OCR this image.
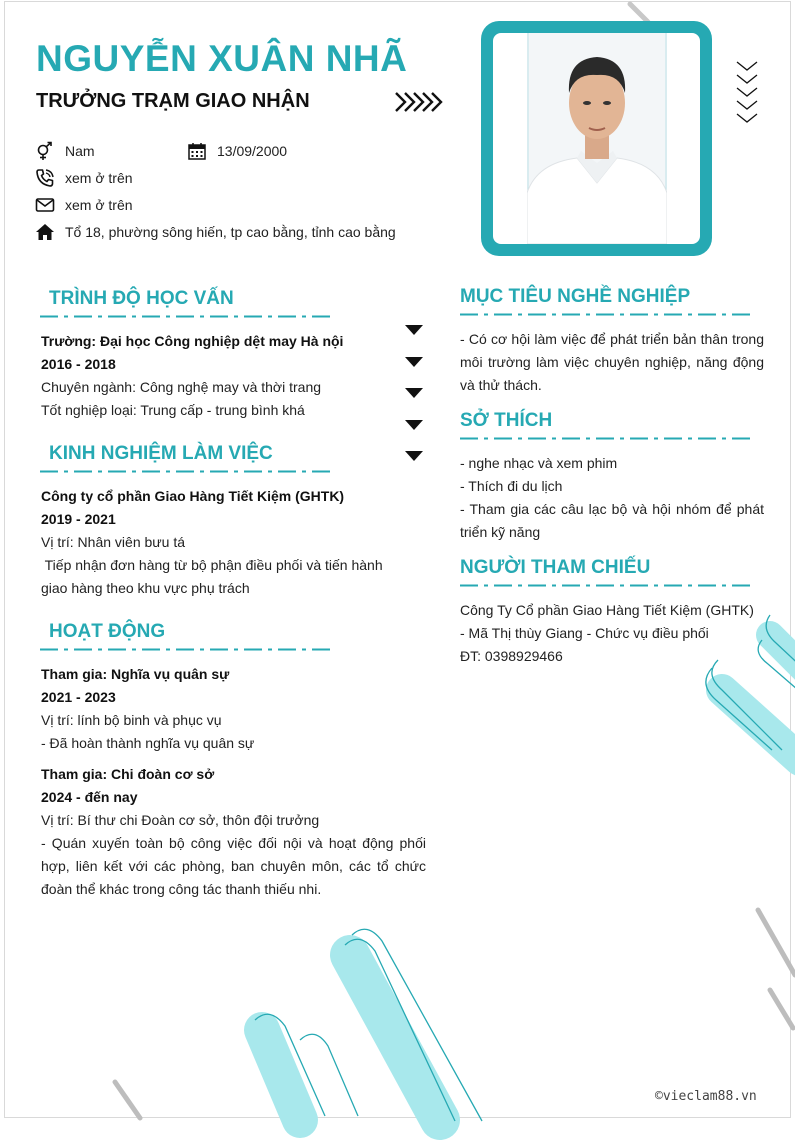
NGUYỄN XUÂN NHÃ
TRƯỞNG TRẠM GIAO NHẬN
Nam	13/09/2000
xem ở trên
xem ở trên
Tổ 18, phường sông hiến, tp cao bằng, tỉnh cao bằng
TRÌNH ĐỘ HỌC VẤN
Trường: Đại học Công nghiệp dệt may Hà nội
2016 - 2018
Chuyên ngành: Công nghệ may và thời trang
Tốt nghiệp loại: Trung cấp - trung bình khá
KINH NGHIỆM LÀM VIỆC
Công ty cổ phần Giao Hàng Tiết Kiệm (GHTK)
2019 - 2021
Vị trí: Nhân viên bưu tá
Tiếp nhận đơn hàng từ bộ phận điều phối và tiến hành
giao hàng theo khu vực phụ trách
HOẠT ĐỘNG
Tham gia: Nghĩa vụ quân sự
2021 - 2023
Vị trí: lính bộ binh và phục vụ
- Đã hoàn thành nghĩa vụ quân sự
Tham gia: Chi đoàn cơ sở
2024 - đến nay
Vị trí: Bí thư chi Đoàn cơ sở, thôn đội trưởng
- Quán xuyến toàn bộ công việc đối nội và hoạt động phối hợp, liên kết với các phòng, ban chuyên môn, các tổ chức đoàn thể khác trong công tác thanh thiếu nhi.
MỤC TIÊU NGHỀ NGHIỆP
- Có cơ hội làm việc để phát triển bản thân trong môi trường làm việc chuyên nghiệp, năng động và thử thách.
SỞ THÍCH
- nghe nhạc và xem phim
- Thích đi du lịch
- Tham gia các câu lạc bộ và hội nhóm để phát triển kỹ năng
NGƯỜI THAM CHIẾU
Công Ty Cổ phần Giao Hàng Tiết Kiệm (GHTK)
- Mã Thị thùy Giang - Chức vụ điều phối
ĐT: 0398929466
©vieclam88.vn
